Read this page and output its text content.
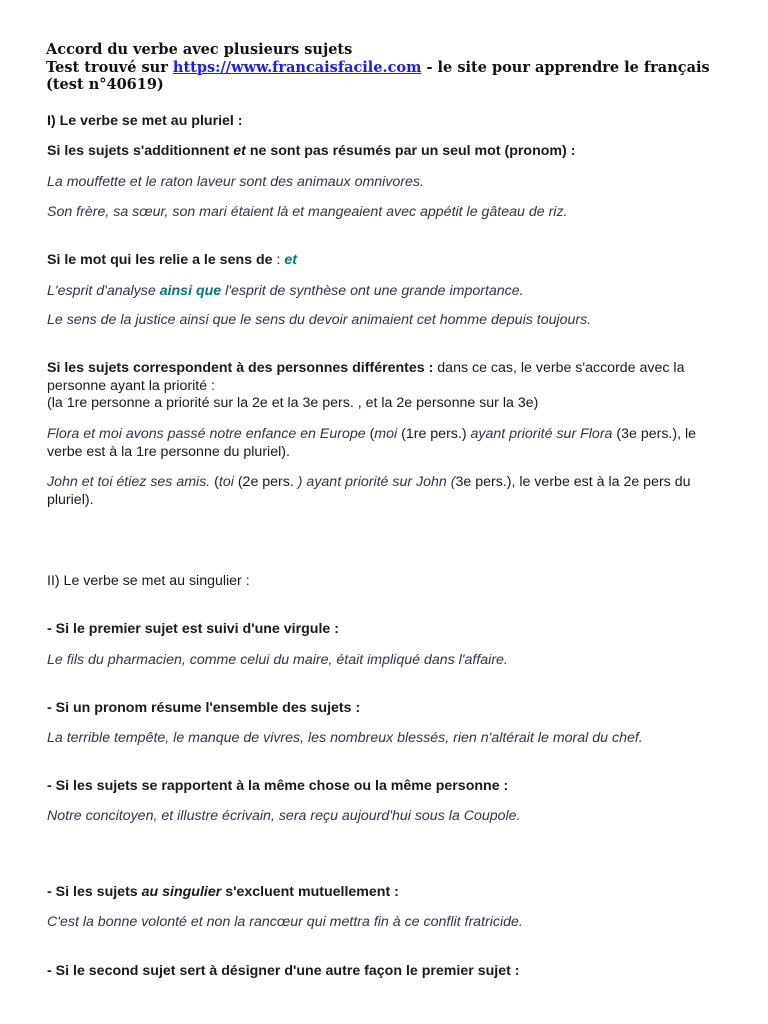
Accord du verbe avec plusieurs sujets
Test trouvé sur https://www.francaisfacile.com - le site pour apprendre le français (test n°40619)
I) Le verbe se met au pluriel :
Si les sujets s'additionnent et ne sont pas résumés par un seul mot (pronom) :
La mouffette et le raton laveur sont des animaux omnivores.
Son frère, sa sœur, son mari étaient là et mangeaient avec appétit le gâteau de riz.
Si le mot qui les relie a le sens de : et
L'esprit d'analyse ainsi que l'esprit de synthèse ont une grande importance.
Le sens de la justice ainsi que le sens du devoir animaient cet homme depuis toujours.
Si les sujets correspondent à des personnes différentes : dans ce cas, le verbe s'accorde avec la personne ayant la priorité :
(la 1re personne a priorité sur la 2e et la 3e pers. , et la 2e personne sur la 3e)
Flora et moi avons passé notre enfance en Europe (moi (1re pers.) ayant priorité sur Flora (3e pers.), le verbe est à la 1re personne du pluriel).
John et toi étiez ses amis. (toi (2e pers. ) ayant priorité sur John (3e pers.), le verbe est à la 2e pers du pluriel).
II) Le verbe se met au singulier :
- Si le premier sujet est suivi d'une virgule :
Le fils du pharmacien, comme celui du maire, était impliqué dans l'affaire.
- Si un pronom résume l'ensemble des sujets :
La terrible tempête, le manque de vivres, les nombreux blessés, rien n'altérait le moral du chef.
- Si les sujets se rapportent à la même chose ou la même personne :
Notre concitoyen, et illustre écrivain, sera reçu aujourd'hui sous la Coupole.
- Si les sujets au singulier s'excluent mutuellement :
C'est la bonne volonté et non la rancœur qui mettra fin à ce conflit fratricide.
- Si le second sujet sert à désigner d'une autre façon le premier sujet :
